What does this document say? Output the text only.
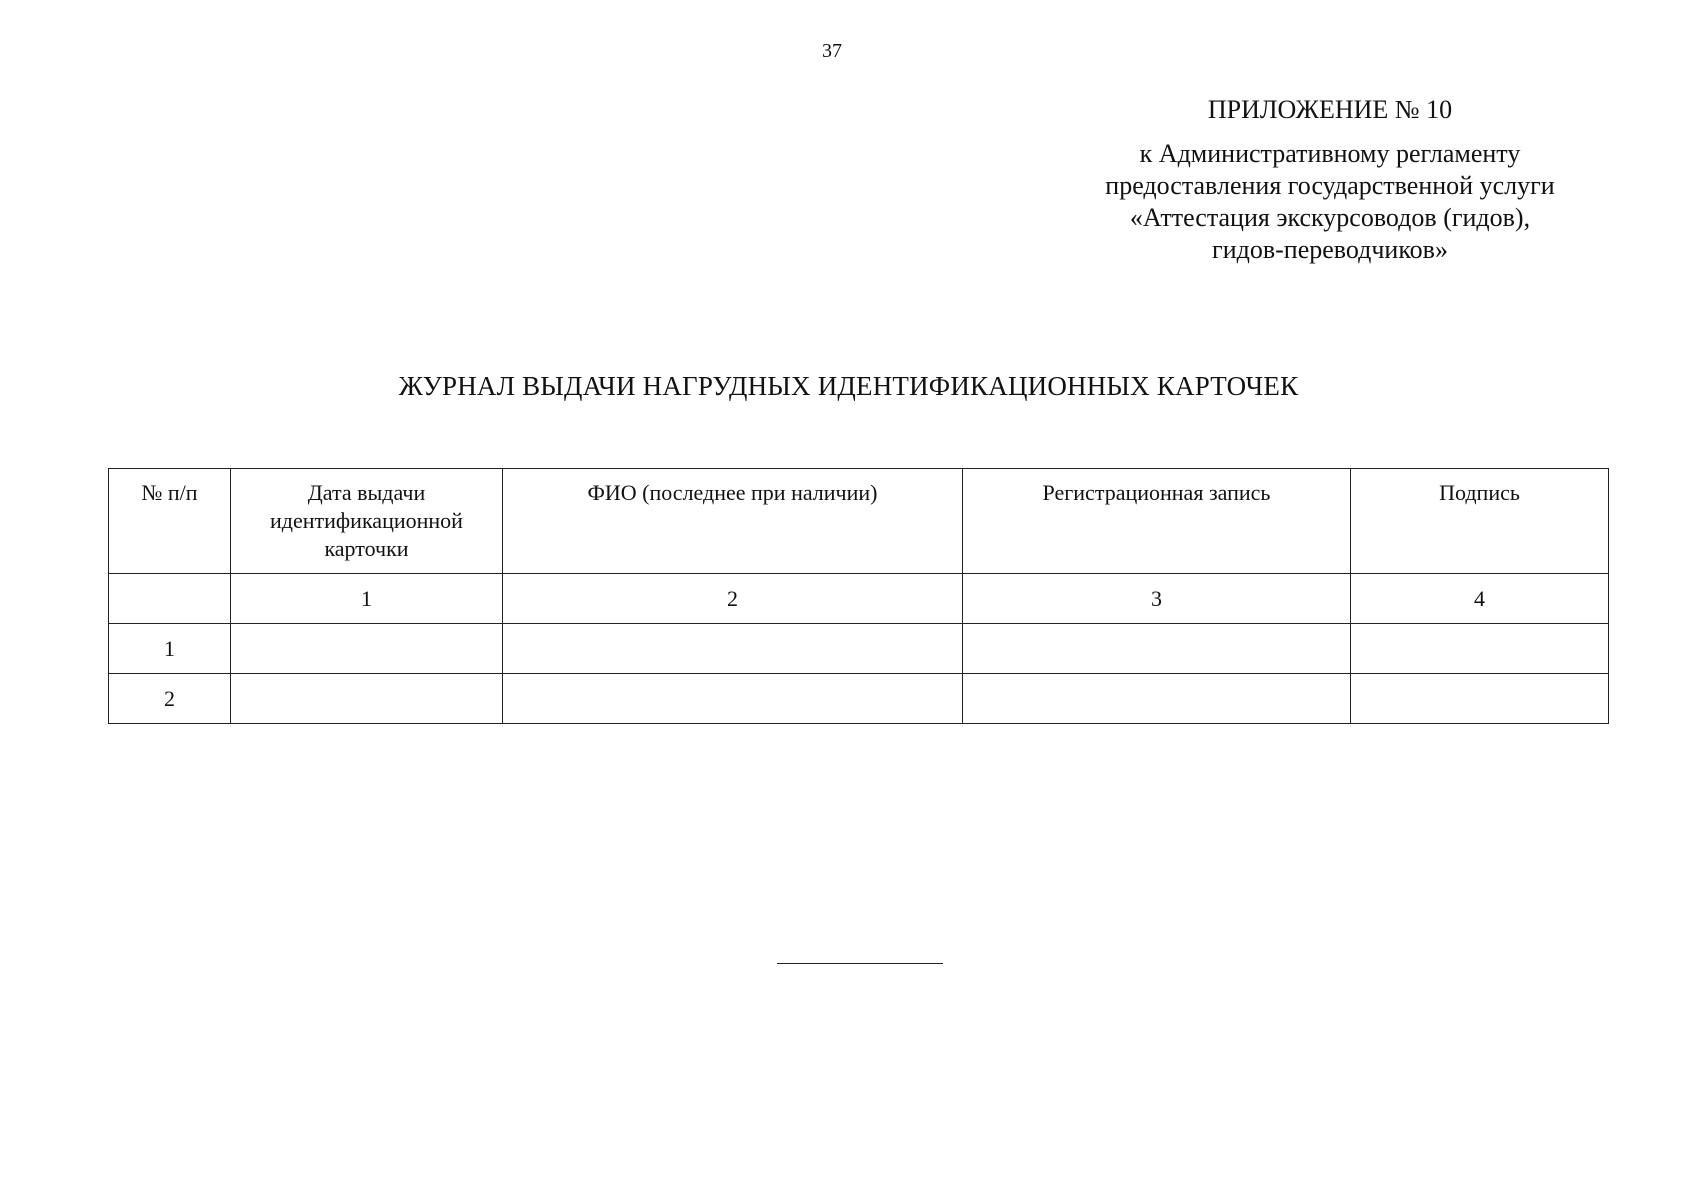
37
ПРИЛОЖЕНИЕ № 10
к Административному регламенту
предоставления государственной услуги
«Аттестация экскурсоводов (гидов),
гидов-переводчиков»
ЖУРНАЛ ВЫДАЧИ НАГРУДНЫХ ИДЕНТИФИКАЦИОННЫХ КАРТОЧЕК
№ п/п	Дата выдачи
идентификационной
карточки	ФИО (последнее при наличии)	Регистрационная запись	Подпись
	1	2	3	4
1				
2				
